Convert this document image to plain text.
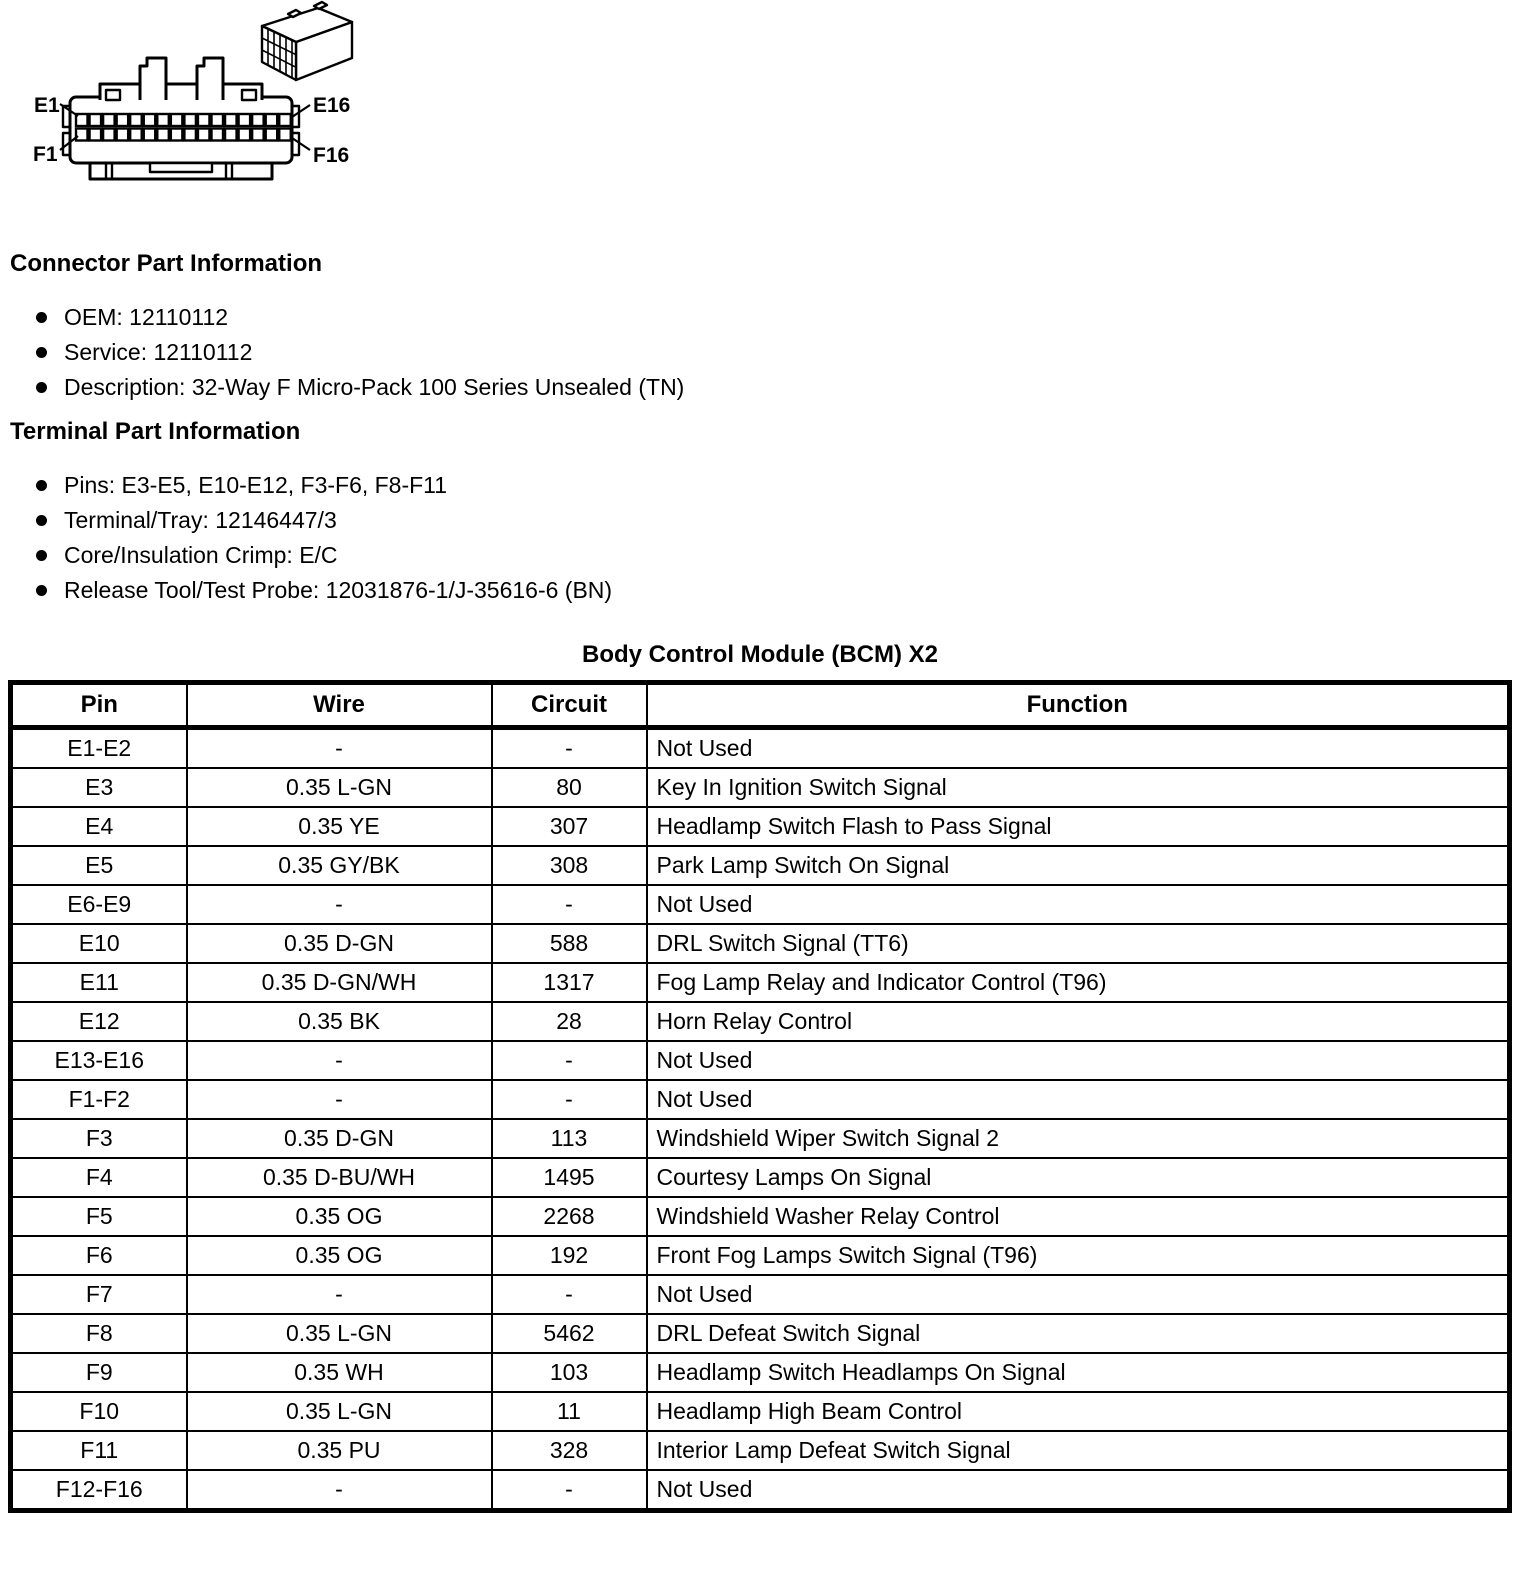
E1	E16
F1	F16
Connector Part Information
OEM: 12110112
Service: 12110112
Description: 32-Way F Micro-Pack 100 Series Unsealed (TN)
Terminal Part Information
Pins: E3-E5, E10-E12, F3-F6, F8-F11
Terminal/Tray: 12146447/3
Core/Insulation Crimp: E/C
Release Tool/Test Probe: 12031876-1/J-35616-6 (BN)
Body Control Module (BCM) X2
Pin	Wire	Circuit	Function
E1-E2	-	-	Not Used
E3	0.35 L-GN	80	Key In Ignition Switch Signal
E4	0.35 YE	307	Headlamp Switch Flash to Pass Signal
E5	0.35 GY/BK	308	Park Lamp Switch On Signal
E6-E9	-	-	Not Used
E10	0.35 D-GN	588	DRL Switch Signal (TT6)
E11	0.35 D-GN/WH	1317	Fog Lamp Relay and Indicator Control (T96)
E12	0.35 BK	28	Horn Relay Control
E13-E16	-	-	Not Used
F1-F2	-	-	Not Used
F3	0.35 D-GN	113	Windshield Wiper Switch Signal 2
F4	0.35 D-BU/WH	1495	Courtesy Lamps On Signal
F5	0.35 OG	2268	Windshield Washer Relay Control
F6	0.35 OG	192	Front Fog Lamps Switch Signal (T96)
F7	-	-	Not Used
F8	0.35 L-GN	5462	DRL Defeat Switch Signal
F9	0.35 WH	103	Headlamp Switch Headlamps On Signal
F10	0.35 L-GN	11	Headlamp High Beam Control
F11	0.35 PU	328	Interior Lamp Defeat Switch Signal
F12-F16	-	-	Not Used
